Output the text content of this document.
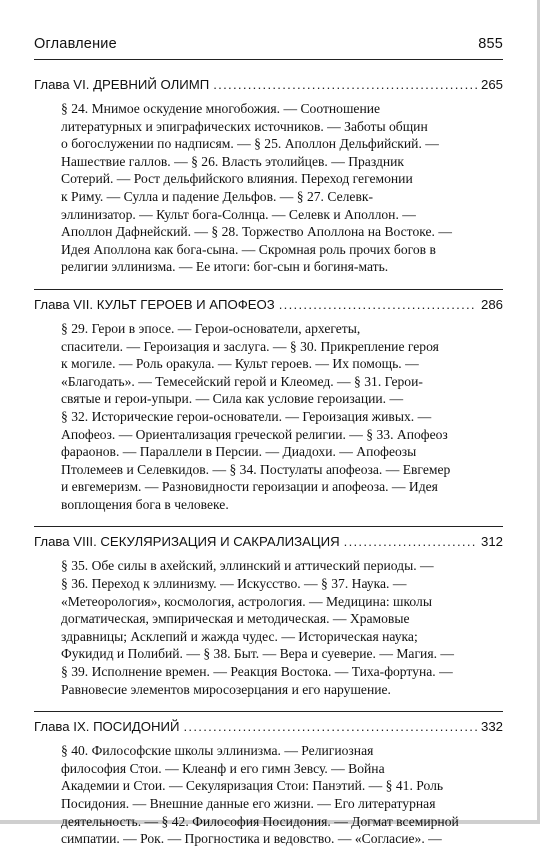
Оглавление	855
Глава VI. ДРЕВНИЙ ОЛИМП . . .	265
§ 24. Мнимое оскудение многобожия. — Соотношение
литературных и эпиграфических источников. — Заботы общин
о богослужении по надписям. — § 25. Аполлон Дельфийский. —
Нашествие галлов. — § 26. Власть этолийцев. — Праздник
Сотерий. — Рост дельфийского влияния. Переход гегемонии
к Риму. — Сулла и падение Дельфов. — § 27. Селевк-
эллинизатор. — Культ бога-Солнца. — Селевк и Аполлон. —
Аполлон Дафнейский. — § 28. Торжество Аполлона на Востоке. —
Идея Аполлона как бога-сына. — Скромная роль прочих богов в
религии эллинизма. — Ее итоги: бог-сын и богиня-мать.
Глава VII. КУЛЬТ ГЕРОЕВ И АПОФЕОЗ . . .	286
§ 29. Герои в эпосе. — Герои-основатели, архегеты,
спасители. — Героизация и заслуга. — § 30. Прикрепление героя
к могиле. — Роль оракула. — Культ героев. — Их помощь. —
«Благодать». — Темесейский герой и Клеомед. — § 31. Герои-
святые и герои-упыри. — Сила как условие героизации. —
§ 32. Исторические герои-основатели. — Героизация живых. —
Апофеоз. — Ориентализация греческой религии. — § 33. Апофеоз
фараонов. — Параллели в Персии. — Диадохи. — Апофеозы
Птолемеев и Селевкидов. — § 34. Постулаты апофеоза. — Евгемер
и евгемеризм. — Разновидности героизации и апофеоза. — Идея
воплощения бога в человеке.
Глава VIII. СЕКУЛЯРИЗАЦИЯ И САКРАЛИЗАЦИЯ . . .	312
§ 35. Обе силы в ахейский, эллинский и аттический периоды. —
§ 36. Переход к эллинизму. — Искусство. — § 37. Наука. —
«Метеорология», космология, астрология. — Медицина: школы
догматическая, эмпирическая и методическая. — Храмовые
здравницы; Асклепий и жажда чудес. — Историческая наука;
Фукидид и Полибий. — § 38. Быт. — Вера и суеверие. — Магия. —
§ 39. Исполнение времен. — Реакция Востока. — Тиха-фортуна. —
Равновесие элементов миросозерцания и его нарушение.
Глава IX. ПОСИДОНИЙ . . .	332
§ 40. Философские школы эллинизма. — Религиозная
философия Стои. — Клеанф и его гимн Зевсу. — Война
Академии и Стои. — Секуляризация Стои: Панэтий. — § 41. Роль
Посидония. — Внешние данные его жизни. — Его литературная
деятельность. — § 42. Философия Посидония. — Догмат всемирной
симпатии. — Рок. — Прогностика и ведовство. — «Согласие». —
